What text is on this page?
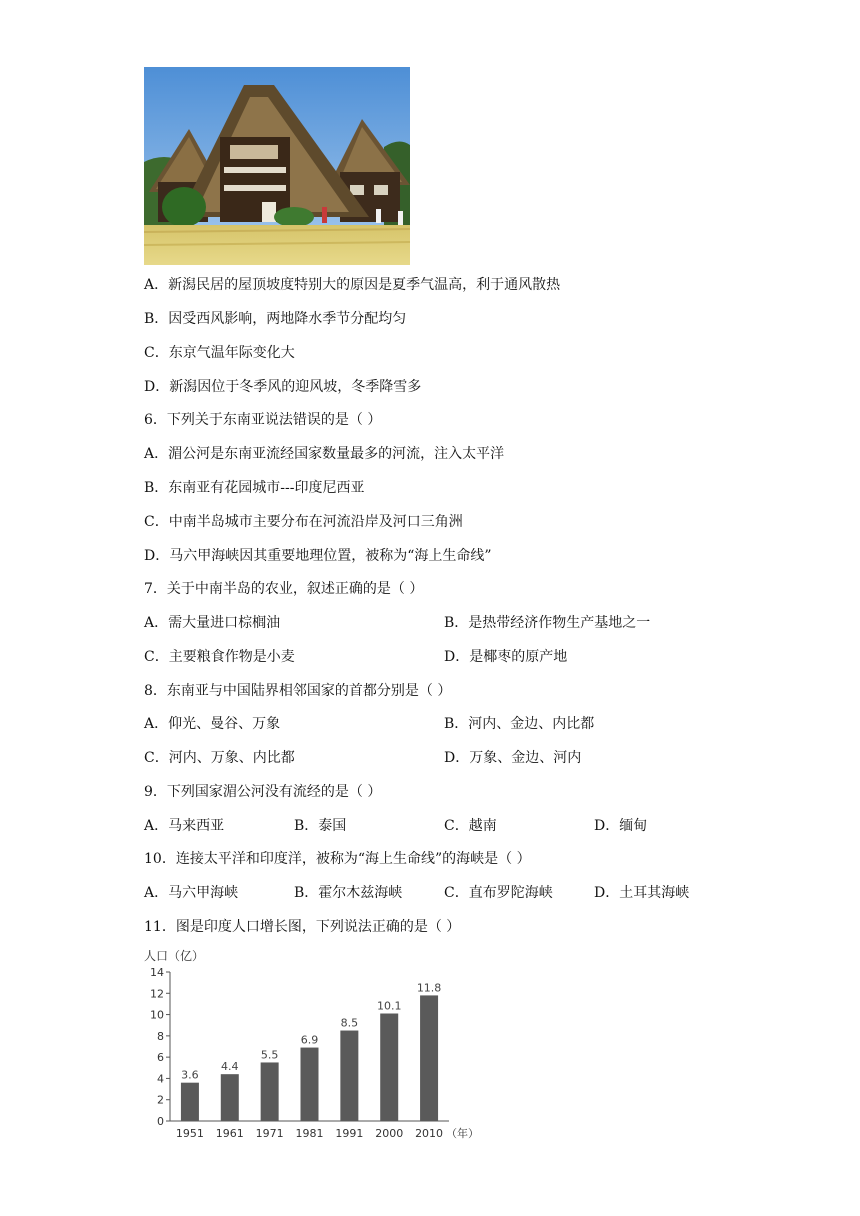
A．新潟民居的屋顶坡度特别大的原因是夏季气温高，利于通风散热
B．因受西风影响，两地降水季节分配均匀
C．东京气温年际变化大
D．新潟因位于冬季风的迎风坡，冬季降雪多
6．下列关于东南亚说法错误的是（ ）
A．湄公河是东南亚流经国家数量最多的河流，注入太平洋
B．东南亚有花园城市---印度尼西亚
C．中南半岛城市主要分布在河流沿岸及河口三角洲
D．马六甲海峡因其重要地理位置，被称为“海上生命线”
7．关于中南半岛的农业，叙述正确的是（ ）
A．需大量进口棕榈油	B．是热带经济作物生产基地之一
C．主要粮食作物是小麦	D．是椰枣的原产地
8．东南亚与中国陆界相邻国家的首都分别是（ ）
A．仰光、曼谷、万象	B．河内、金边、内比都
C．河内、万象、内比都	D．万象、金边、河内
9．下列国家湄公河没有流经的是（ ）
A．马来西亚	B．泰国	C．越南	D．缅甸
10．连接太平洋和印度洋，被称为“海上生命线”的海峡是（ ）
A．马六甲海峡	B．霍尔木兹海峡	C．直布罗陀海峡	D．土耳其海峡
11．图是印度人口增长图，下列说法正确的是（ ）
人口（亿）
（年）
0
2
4
6
8
10
12
14
3.6
1951
4.4
1961
5.5
1971
6.9
1981
8.5
1991
10.1
2000
11.8
2010
